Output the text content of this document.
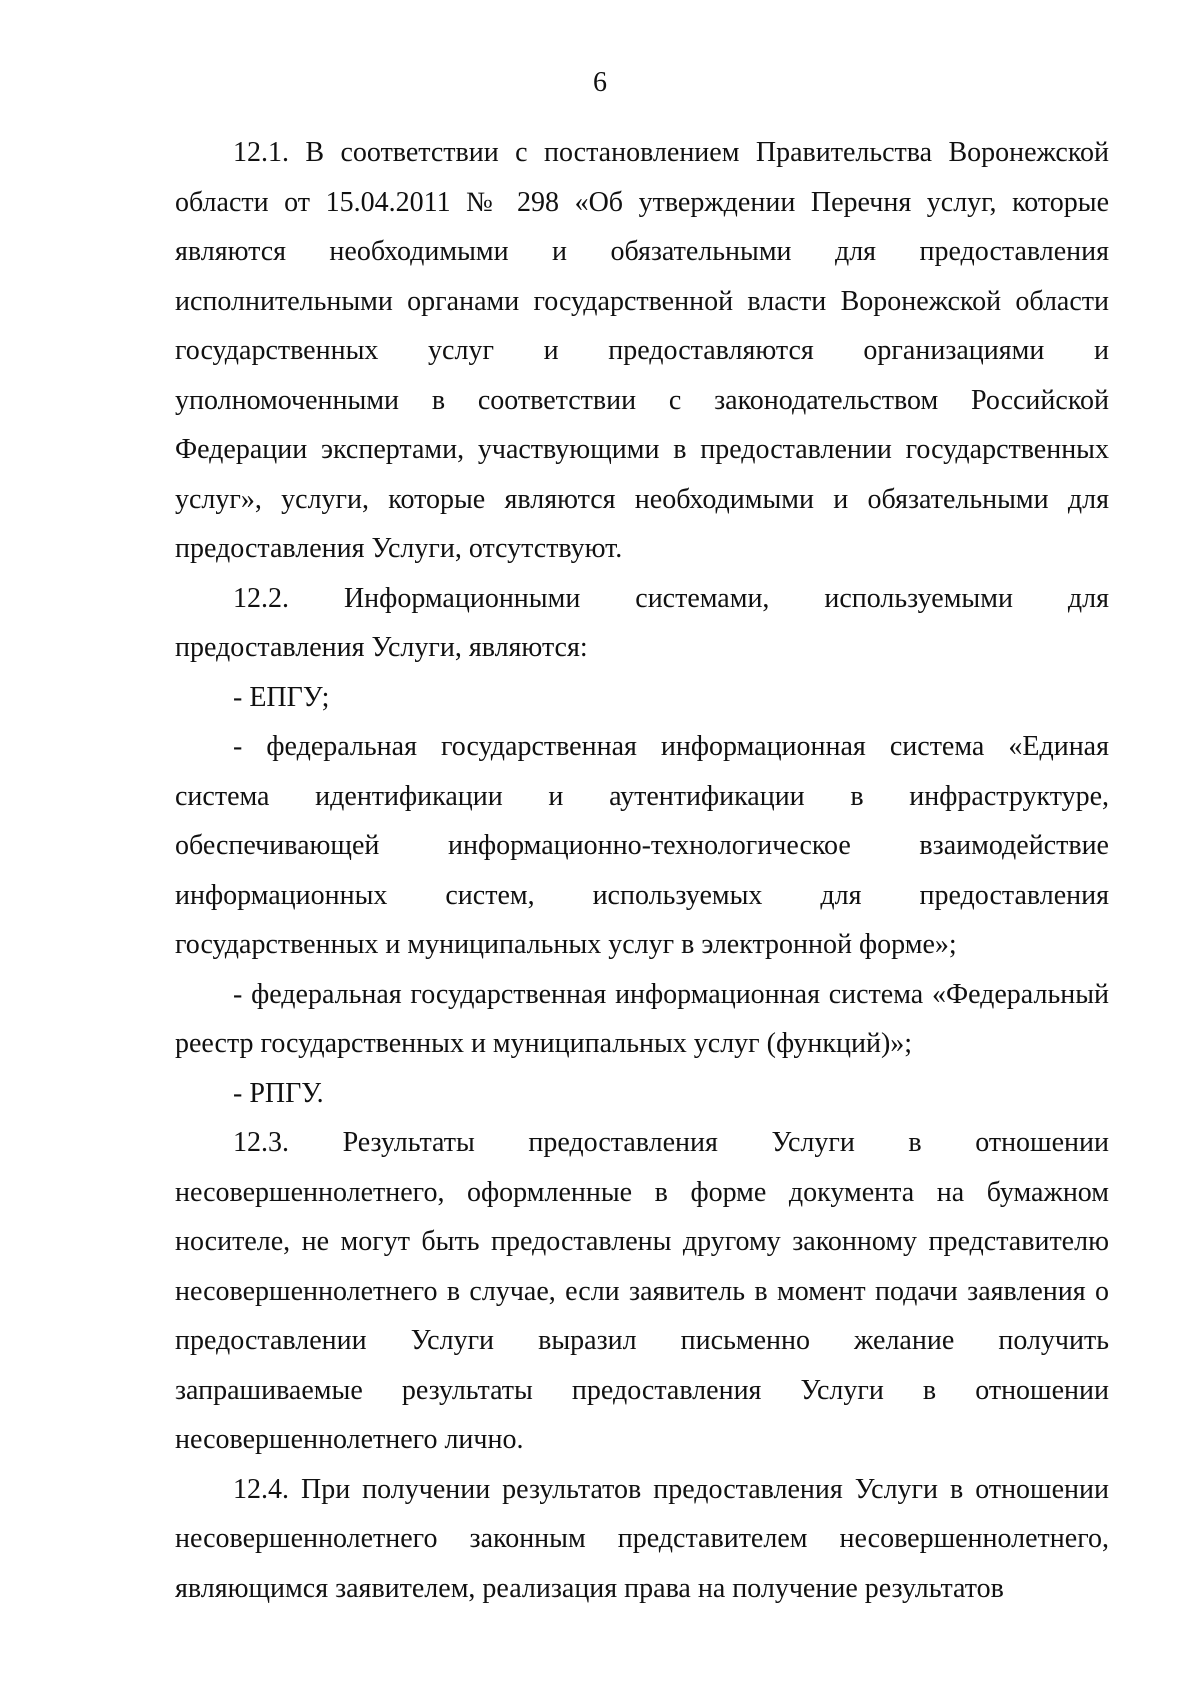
6

12.1. В соответствии с постановлением Правительства Воронежской области от 15.04.2011 № 298 «Об утверждении Перечня услуг, которые являются необходимыми и обязательными для предоставления исполнительными органами государственной власти Воронежской области государственных услуг и предоставляются организациями и уполномоченными в соответствии с законодательством Российской Федерации экспертами, участвующими в предоставлении государственных услуг», услуги, которые являются необходимыми и обязательными для предоставления Услуги, отсутствуют.

12.2. Информационными системами, используемыми для предоставления Услуги, являются:

- ЕПГУ;

- федеральная государственная информационная система «Единая система идентификации и аутентификации в инфраструктуре, обеспечивающей информационно-технологическое взаимодействие информационных систем, используемых для предоставления государственных и муниципальных услуг в электронной форме»;

- федеральная государственная информационная система «Федеральный реестр государственных и муниципальных услуг (функций)»;

- РПГУ.

12.3. Результаты предоставления Услуги в отношении несовершеннолетнего, оформленные в форме документа на бумажном носителе, не могут быть предоставлены другому законному представителю несовершеннолетнего в случае, если заявитель в момент подачи заявления о предоставлении Услуги выразил письменно желание получить запрашиваемые результаты предоставления Услуги в отношении несовершеннолетнего лично.

12.4. При получении результатов предоставления Услуги в отношении несовершеннолетнего законным представителем несовершеннолетнего, являющимся заявителем, реализация права на получение результатов
